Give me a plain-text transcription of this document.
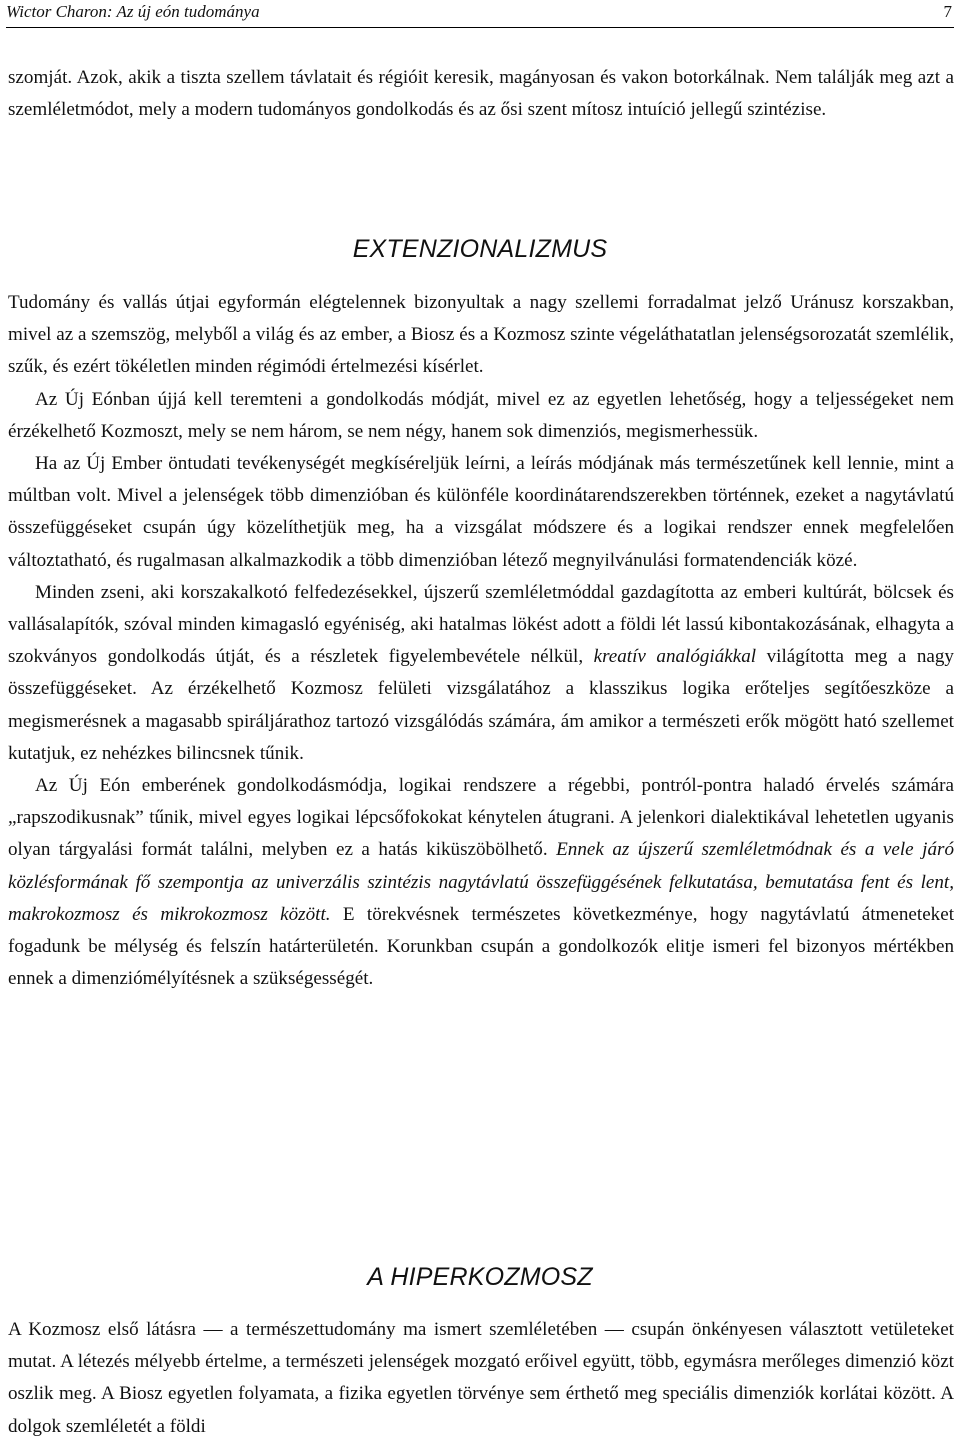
Wictor Charon: Az új eón tudománya	7

szomját. Azok, akik a tiszta szellem távlatait és régióit keresik, magányosan és vakon botorkálnak. Nem találják meg azt a szemléletmódot, mely a modern tudományos gondolkodás és az ősi szent mítosz intuíció jellegű szintézise.

EXTENZIONALIZMUS

Tudomány és vallás útjai egyformán elégtelennek bizonyultak a nagy szellemi forradalmat jelző Uránusz korszakban, mivel az a szemszög, melyből a világ és az ember, a Biosz és a Kozmosz szinte végeláthatatlan jelenségsorozatát szemlélik, szűk, és ezért tökéletlen minden régimódi értelmezési kísérlet.

Az Új Eónban újjá kell teremteni a gondolkodás módját, mivel ez az egyetlen lehetőség, hogy a teljességeket nem érzékelhető Kozmoszt, mely se nem három, se nem négy, hanem sok dimenziós, megismerhessük.

Ha az Új Ember öntudati tevékenységét megkíséreljük leírni, a leírás módjának más természetűnek kell lennie, mint a múltban volt. Mivel a jelenségek több dimenzióban és különféle koordinátarendszerekben történnek, ezeket a nagytávlatú összefüggéseket csupán úgy közelíthetjük meg, ha a vizsgálat módszere és a logikai rendszer ennek megfelelően változtatható, és rugalmasan alkalmazkodik a több dimenzióban létező megnyilvánulási formatendenciák közé.

Minden zseni, aki korszakalkotó felfedezésekkel, újszerű szemléletmóddal gazdagította az emberi kultúrát, bölcsek és vallásalapítók, szóval minden kimagasló egyéniség, aki hatalmas lökést adott a földi lét lassú kibontakozásának, elhagyta a szokványos gondolkodás útját, és a részletek figyelembevétele nélkül, kreatív analógiákkal világította meg a nagy összefüggéseket. Az érzékelhető Kozmosz felületi vizsgálatához a klasszikus logika erőteljes segítőeszköze a megismerésnek a magasabb spiráljárathoz tartozó vizsgálódás számára, ám amikor a természeti erők mögött ható szellemet kutatjuk, ez nehézkes bilincsnek tűnik.

Az Új Eón emberének gondolkodásmódja, logikai rendszere a régebbi, pontról-pontra haladó érvelés számára „rapszodikusnak” tűnik, mivel egyes logikai lépcsőfokokat kénytelen átugrani. A jelenkori dialektikával lehetetlen ugyanis olyan tárgyalási formát találni, melyben ez a hatás kiküszöbölhető. Ennek az újszerű szemléletmódnak és a vele járó közlésformának fő szempontja az univerzális szintézis nagytávlatú összefüggésének felkutatása, bemutatása fent és lent, makrokozmosz és mikrokozmosz között. E törekvésnek természetes következménye, hogy nagytávlatú átmeneteket fogadunk be mélység és felszín határterületén. Korunkban csupán a gondolkozók elitje ismeri fel bizonyos mértékben ennek a dimenziómélyítésnek a szükségességét.

A HIPERKOZMOSZ

A Kozmosz első látásra — a természettudomány ma ismert szemléletében — csupán önkényesen választott vetületeket mutat. A létezés mélyebb értelme, a természeti jelenségek mozgató erőivel együtt, több, egymásra merőleges dimenzió közt oszlik meg. A Biosz egyetlen folyamata, a fizika egyetlen törvénye sem érthető meg speciális dimenziók korlátai között. A dolgok szemléletét a földi
